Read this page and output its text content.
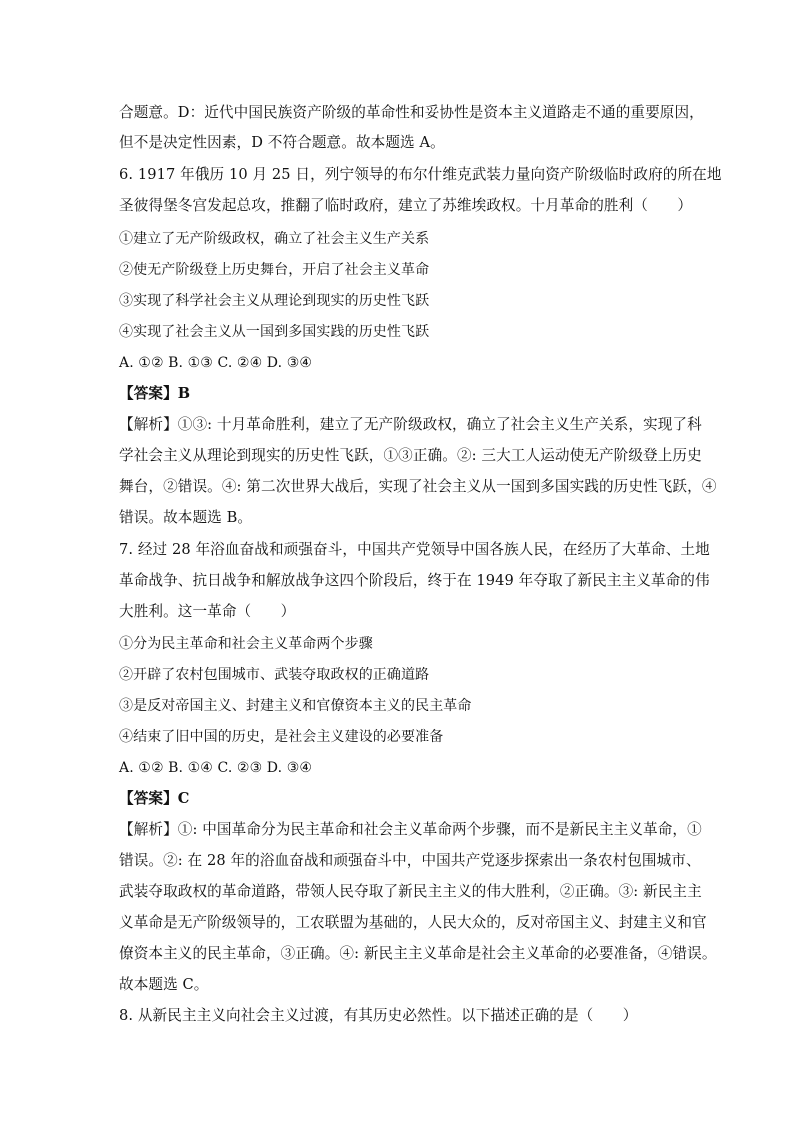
合题意。D：近代中国民族资产阶级的革命性和妥协性是资本主义道路走不通的重要原因，
但不是决定性因素，D 不符合题意。故本题选 A。
6. 1917 年俄历 10 月 25 日，列宁领导的布尔什维克武装力量向资产阶级临时政府的所在地
圣彼得堡冬宫发起总攻，推翻了临时政府，建立了苏维埃政权。十月革命的胜利（　　）
①建立了无产阶级政权，确立了社会主义生产关系
②使无产阶级登上历史舞台，开启了社会主义革命
③实现了科学社会主义从理论到现实的历史性飞跃
④实现了社会主义从一国到多国实践的历史性飞跃
A. ①② B. ①③ C. ②④ D. ③④
【答案】B
【解析】①③: 十月革命胜利，建立了无产阶级政权，确立了社会主义生产关系，实现了科
学社会主义从理论到现实的历史性飞跃，①③正确。②: 三大工人运动使无产阶级登上历史
舞台，②错误。④: 第二次世界大战后，实现了社会主义从一国到多国实践的历史性飞跃，④
错误。故本题选 B。
7. 经过 28 年浴血奋战和顽强奋斗，中国共产党领导中国各族人民，在经历了大革命、土地
革命战争、抗日战争和解放战争这四个阶段后，终于在 1949 年夺取了新民主主义革命的伟
大胜利。这一革命（　　）
①分为民主革命和社会主义革命两个步骤
②开辟了农村包围城市、武装夺取政权的正确道路
③是反对帝国主义、封建主义和官僚资本主义的民主革命
④结束了旧中国的历史，是社会主义建设的必要准备
A. ①② B. ①④ C. ②③ D. ③④
【答案】C
【解析】①: 中国革命分为民主革命和社会主义革命两个步骤，而不是新民主主义革命，①
错误。②: 在 28 年的浴血奋战和顽强奋斗中，中国共产党逐步探索出一条农村包围城市、
武装夺取政权的革命道路，带领人民夺取了新民主主义的伟大胜利，②正确。③: 新民主主
义革命是无产阶级领导的，工农联盟为基础的，人民大众的，反对帝国主义、封建主义和官
僚资本主义的民主革命，③正确。④: 新民主主义革命是社会主义革命的必要准备，④错误。
故本题选 C。
8. 从新民主主义向社会主义过渡，有其历史必然性。以下描述正确的是（　　）
